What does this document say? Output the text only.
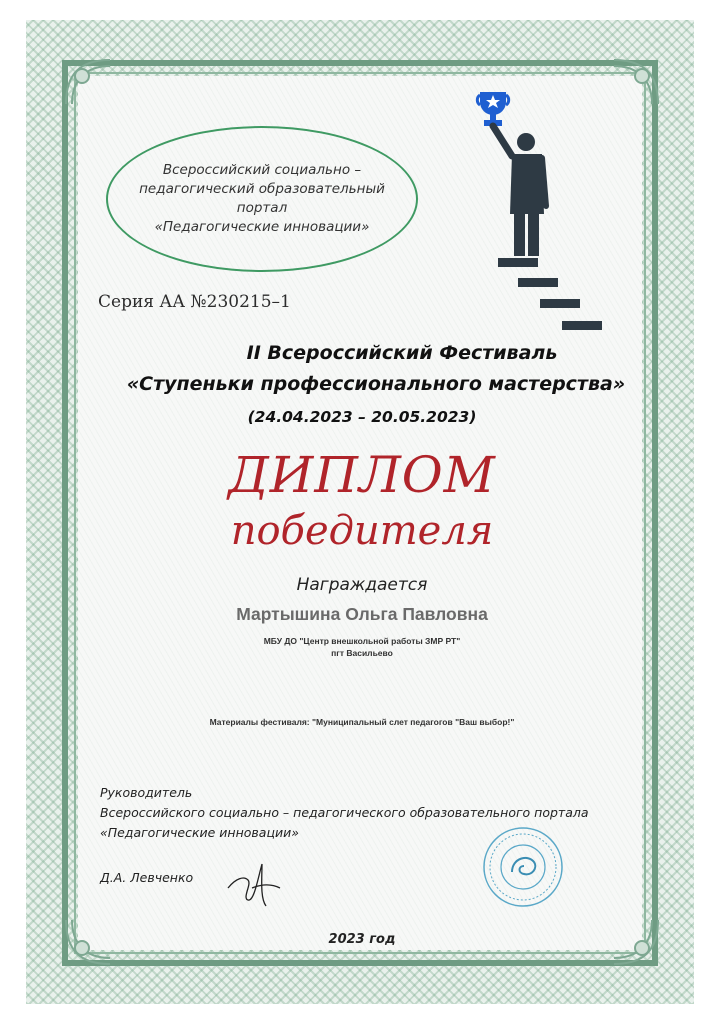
Всероссийский социально –
педагогический образовательный
портал
«Педагогические инновации»
Серия АА №230215–1
II Всероссийский Фестиваль
«Ступеньки профессионального мастерства»
(24.04.2023 – 20.05.2023)
ДИПЛОМ
победителя
Награждается
Мартышина Ольга Павловна
МБУ ДО "Центр внешкольной работы ЗМР РТ"
пгт Васильево
Материалы фестиваля: "Муниципальный слет педагогов "Ваш выбор!"
Руководитель
Всероссийского социально – педагогического образовательного портала
«Педагогические инновации»
Д.А. Левченко
2023 год
